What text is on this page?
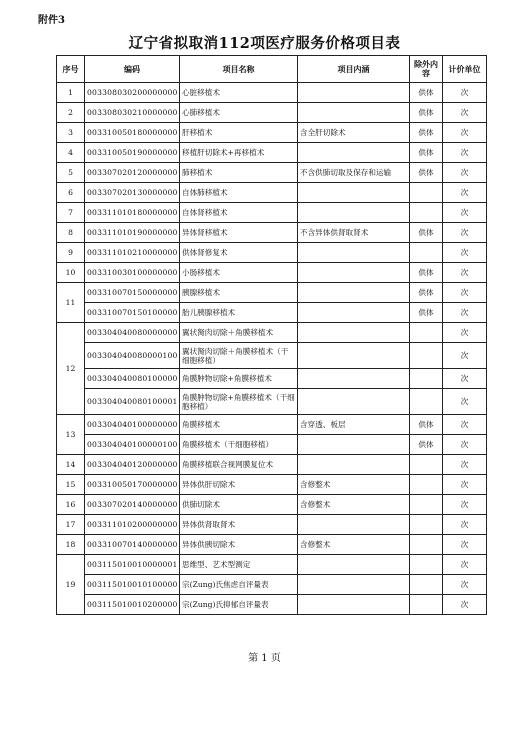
附件3
辽宁省拟取消112项医疗服务价格项目表
序号	编码	项目名称	项目内涵	除外内容	计价单位
1	003308030200000000	心脏移植术		供体	次
2	003308030210000000	心肺移植术		供体	次
3	003310050180000000	肝移植术	含全肝切除术	供体	次
4	003310050190000000	移植肝切除术+再移植术		供体	次
5	003307020120000000	肺移植术	不含供肺切取及保存和运输	供体	次
6	003307020130000000	自体肺移植术			次
7	003311010180000000	自体肾移植术			次
8	003311010190000000	异体肾移植术	不含异体供肾取肾术	供体	次
9	003311010210000000	供体肾修复术			次
10	003310030100000000	小肠移植术		供体	次
11	003310070150000000	胰腺移植术		供体	次
	003310070150100000	胎儿胰腺移植术		供体	次
12	003304040080000000	翼状胬肉切除＋角膜移植术			次
	003304040080000100	翼状胬肉切除＋角膜移植术（干细胞移植）			次
	003304040080100000	角膜肿物切除+角膜移植术			次
	003304040080100001	角膜肿物切除+角膜移植术（干细胞移植）			次
13	003304040100000000	角膜移植术	含穿透、板层	供体	次
	003304040100000100	角膜移植术（干细胞移植）		供体	次
14	003304040120000000	角膜移植联合视网膜复位术			次
15	003310050170000000	异体供肝切除术	含修整术		次
16	003307020140000000	供肺切除术	含修整术		次
17	003311010200000000	异体供肾取肾术			次
18	003310070140000000	异体供胰切除术	含修整术		次
19	003115010010000001	思维型、艺术型测定			次
	003115010010100000	宗(Zung)氏焦虑自评量表			次
	003115010010200000	宗(Zung)氏抑郁自评量表			次
第 1 页
